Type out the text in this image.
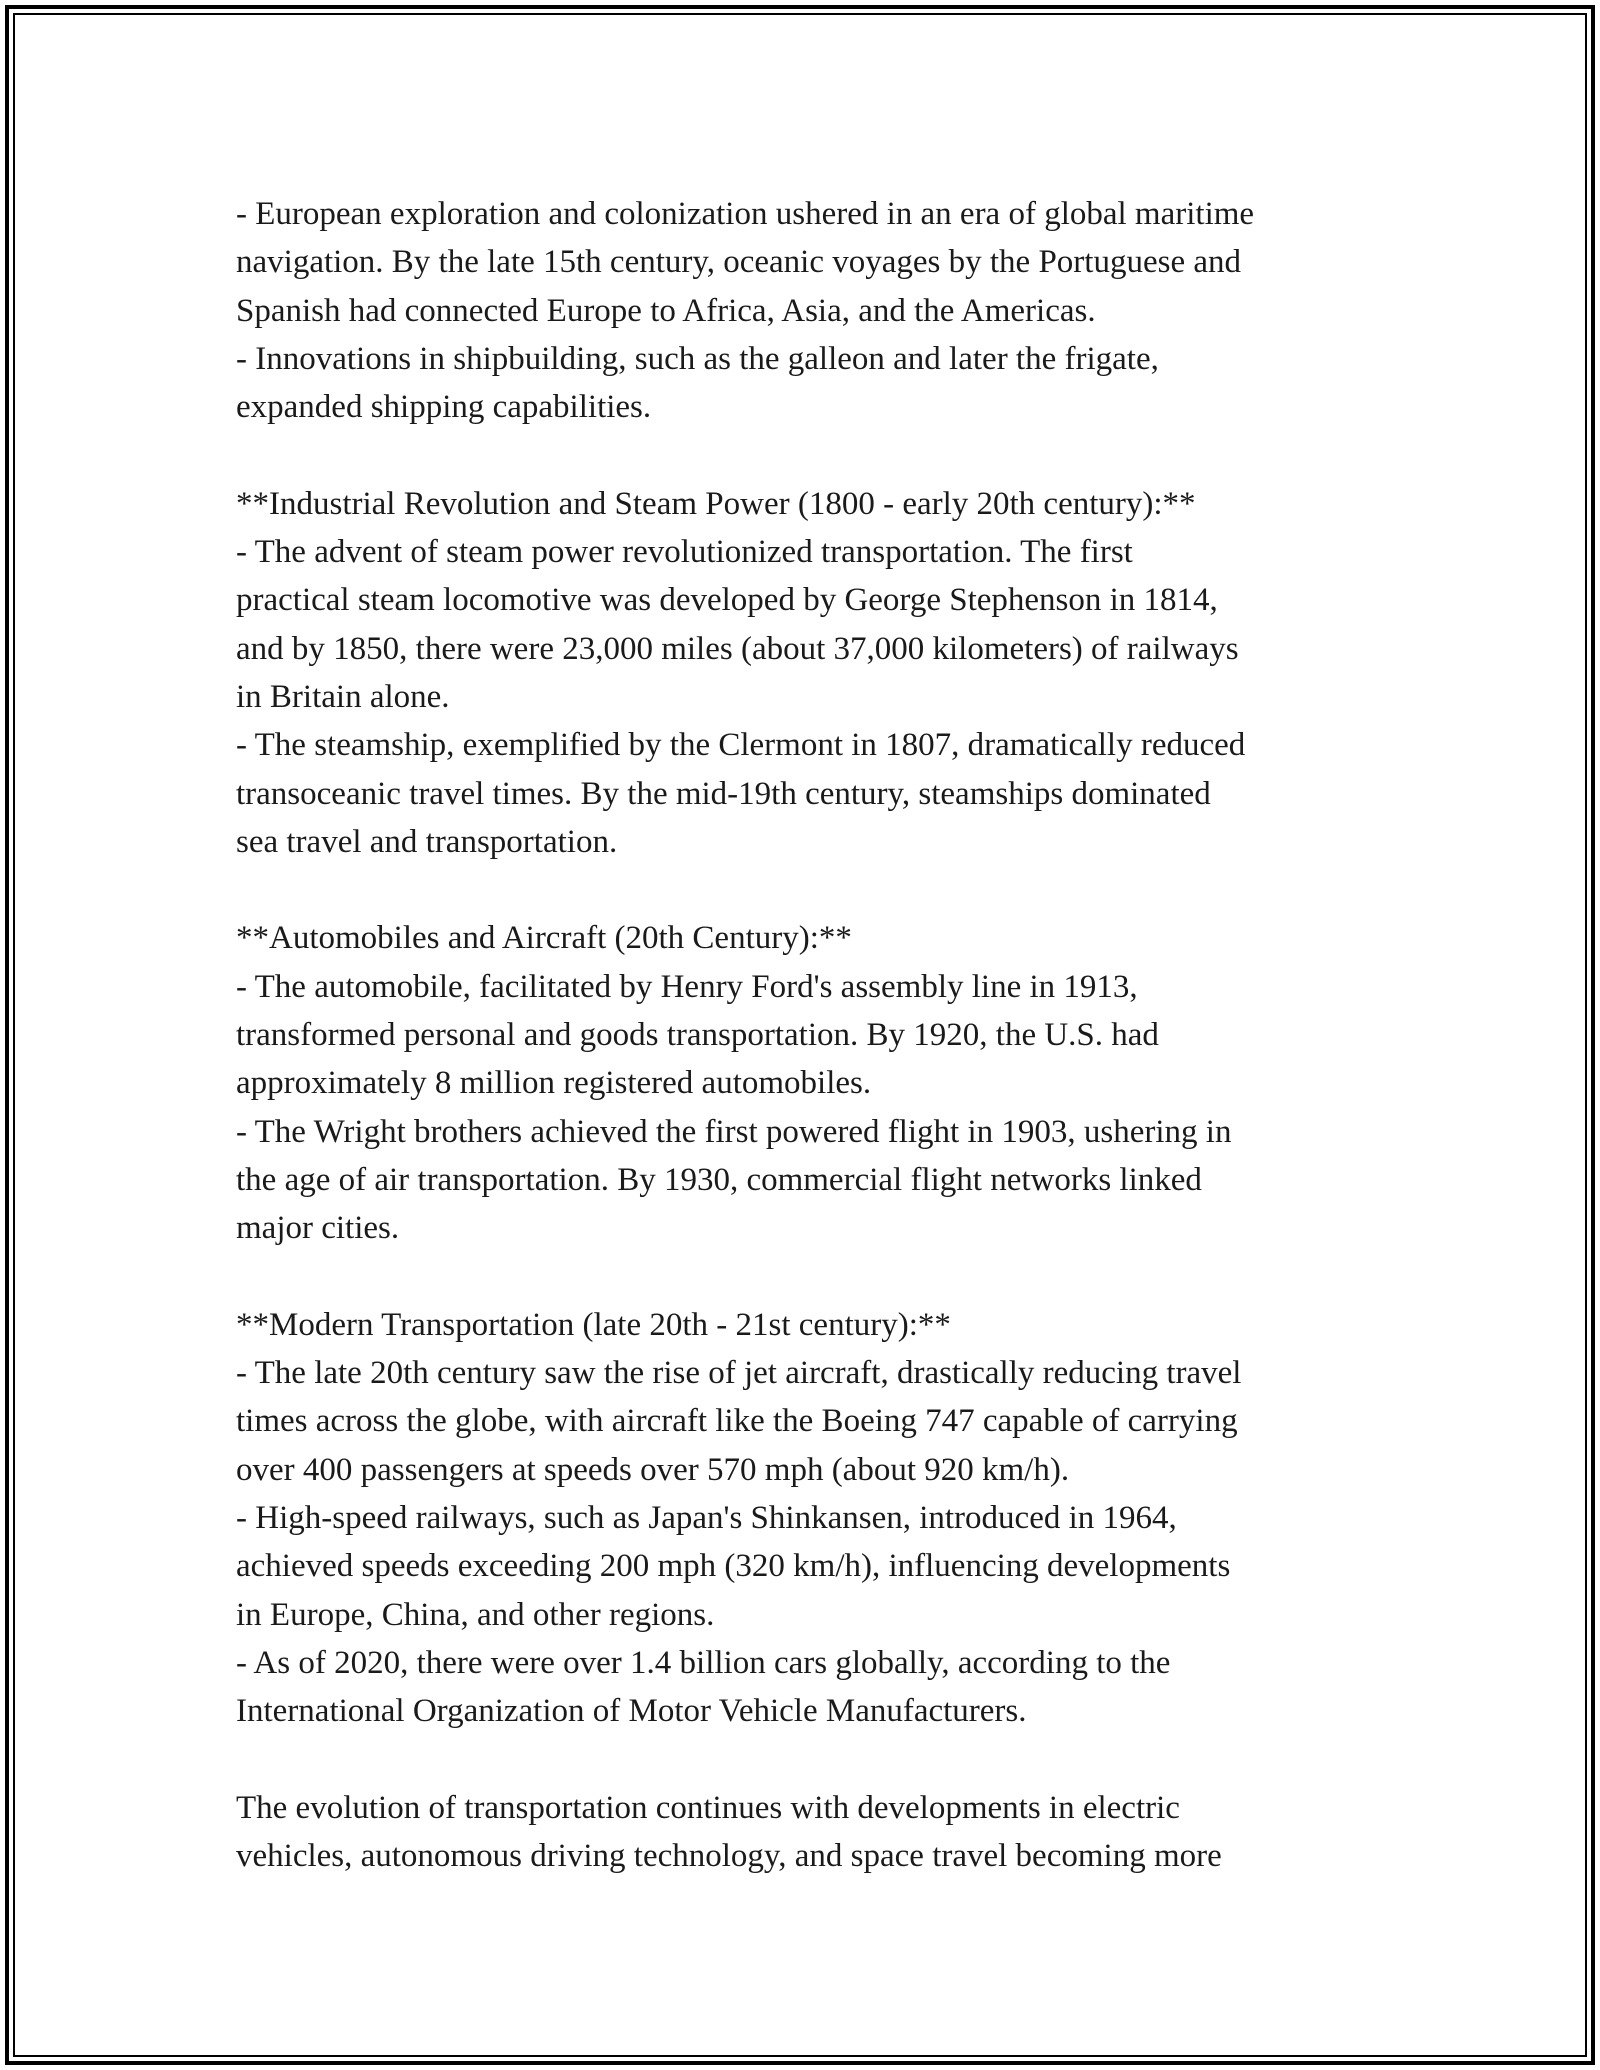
- European exploration and colonization ushered in an era of global maritime
navigation. By the late 15th century, oceanic voyages by the Portuguese and
Spanish had connected Europe to Africa, Asia, and the Americas.
- Innovations in shipbuilding, such as the galleon and later the frigate,
expanded shipping capabilities.
**Industrial Revolution and Steam Power (1800 - early 20th century):**
- The advent of steam power revolutionized transportation. The first
practical steam locomotive was developed by George Stephenson in 1814,
and by 1850, there were 23,000 miles (about 37,000 kilometers) of railways
in Britain alone.
- The steamship, exemplified by the Clermont in 1807, dramatically reduced
transoceanic travel times. By the mid-19th century, steamships dominated
sea travel and transportation.
**Automobiles and Aircraft (20th Century):**
- The automobile, facilitated by Henry Ford's assembly line in 1913,
transformed personal and goods transportation. By 1920, the U.S. had
approximately 8 million registered automobiles.
- The Wright brothers achieved the first powered flight in 1903, ushering in
the age of air transportation. By 1930, commercial flight networks linked
major cities.
**Modern Transportation (late 20th - 21st century):**
- The late 20th century saw the rise of jet aircraft, drastically reducing travel
times across the globe, with aircraft like the Boeing 747 capable of carrying
over 400 passengers at speeds over 570 mph (about 920 km/h).
- High-speed railways, such as Japan's Shinkansen, introduced in 1964,
achieved speeds exceeding 200 mph (320 km/h), influencing developments
in Europe, China, and other regions.
- As of 2020, there were over 1.4 billion cars globally, according to the
International Organization of Motor Vehicle Manufacturers.
The evolution of transportation continues with developments in electric
vehicles, autonomous driving technology, and space travel becoming more
